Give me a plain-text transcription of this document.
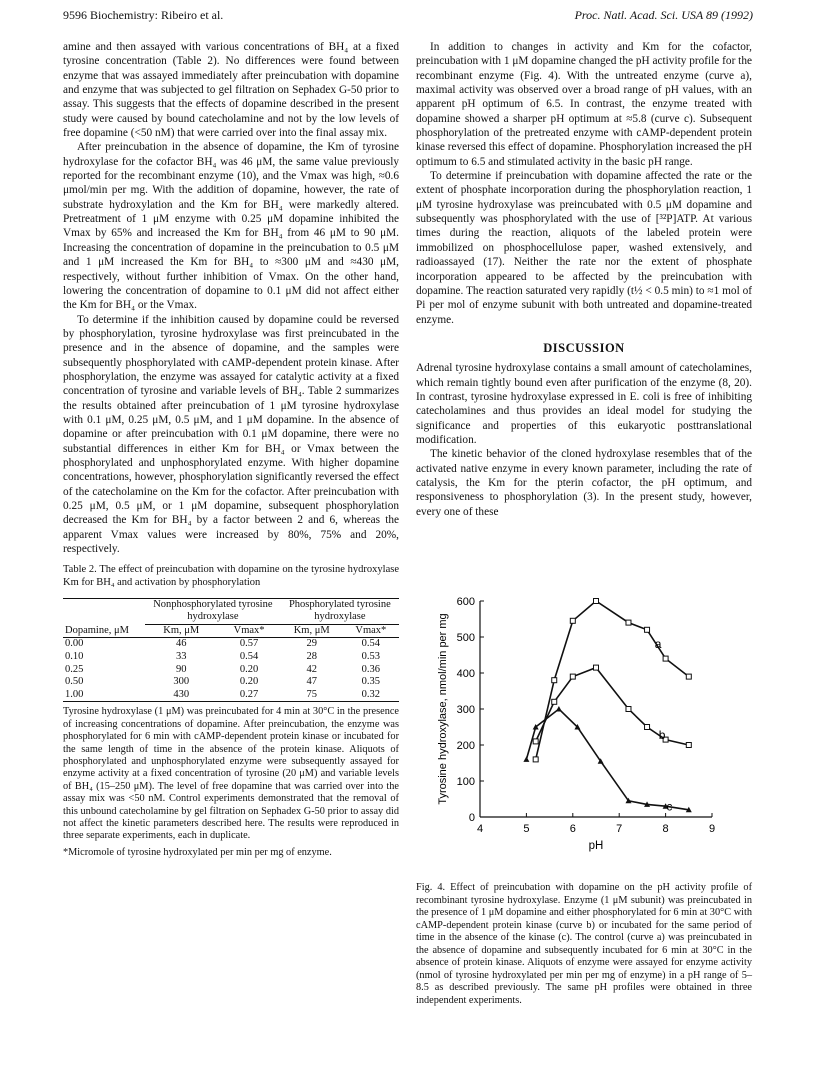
9596 Biochemistry: Ribeiro et al.	Proc. Natl. Acad. Sci. USA 89 (1992)

amine and then assayed with various concentrations of BH₄ at a fixed tyrosine concentration (Table 2). No differences were found between enzyme that was assayed immediately after preincubation with dopamine and enzyme that was subjected to gel filtration on Sephadex G-50 prior to assay. This suggests that the effects of dopamine described in the present study were caused by bound catecholamine and not by the low levels of free dopamine (<50 nM) that were carried over into the final assay mix.

After preincubation in the absence of dopamine, the Km of tyrosine hydroxylase for the cofactor BH₄ was 46 μM, the same value previously reported for the recombinant enzyme (10), and the Vmax was high, ≈0.6 μmol/min per mg. With the addition of dopamine, however, the rate of substrate hydroxylation and the Km for BH₄ were markedly altered. Pretreatment of 1 μM enzyme with 0.25 μM dopamine inhibited the Vmax by 65% and increased the Km for BH₄ from 46 μM to 90 μM. Increasing the concentration of dopamine in the preincubation to 0.5 μM and 1 μM increased the Km for BH₄ to ≈300 μM and ≈430 μM, respectively, without further inhibition of Vmax. On the other hand, lowering the concentration of dopamine to 0.1 μM did not affect either the Km for BH₄ or the Vmax.

To determine if the inhibition caused by dopamine could be reversed by phosphorylation, tyrosine hydroxylase was first preincubated in the presence and in the absence of dopamine, and the samples were subsequently phosphorylated with cAMP-dependent protein kinase. After phosphorylation, the enzyme was assayed for catalytic activity at a fixed concentration of tyrosine and variable levels of BH₄. Table 2 summarizes the results obtained after preincubation of 1 μM tyrosine hydroxylase with 0.1 μM, 0.25 μM, 0.5 μM, and 1 μM dopamine. In the absence of dopamine or after preincubation with 0.1 μM dopamine, there were no substantial differences in either Km for BH₄ or Vmax between the phosphorylated and unphosphorylated enzyme. With higher dopamine concentrations, however, phosphorylation significantly reversed the effect of the catecholamine on the Km for the cofactor. After preincubation with 0.25 μM, 0.5 μM, or 1 μM dopamine, subsequent phosphorylation decreased the Km for BH₄ by a factor between 2 and 6, whereas the apparent Vmax values were increased by 80%, 75% and 20%, respectively.

Table 2. The effect of preincubation with dopamine on the tyrosine hydroxylase Km for BH₄ and activation by phosphorylation
	Nonphosphorylated tyrosine hydroxylase		Phosphorylated tyrosine hydroxylase	
Dopamine, μM	Km, μM	Vmax*	Km, μM	Vmax*
0.00	46	0.57	29	0.54
0.10	33	0.54	28	0.53
0.25	90	0.20	42	0.36
0.50	300	0.20	47	0.35
1.00	430	0.27	75	0.32
Tyrosine hydroxylase (1 μM) was preincubated for 4 min at 30°C in the presence of increasing concentrations of dopamine. After preincubation, the enzyme was phosphorylated for 6 min with cAMP-dependent protein kinase or incubated for the same length of time in the absence of the protein kinase. Aliquots of phosphorylated and unphosphorylated enzyme were subsequently assayed for enzyme activity at a fixed concentration of tyrosine (20 μM) and variable levels of BH₄ (15–250 μM). The level of free dopamine that was carried over into the assay mix was <50 nM. Control experiments demonstrated that the removal of this unbound catecholamine by gel filtration on Sephadex G-50 prior to assay did not affect the kinetic parameters described here. The results were reproduced in three separate experiments, each in duplicate.
*Micromole of tyrosine hydroxylated per min per mg of enzyme.

In addition to changes in activity and Km for the cofactor, preincubation with 1 μM dopamine changed the pH activity profile for the recombinant enzyme (Fig. 4). With the untreated enzyme (curve a), maximal activity was observed over a broad range of pH values, with an apparent pH optimum of 6.5. In contrast, the enzyme treated with dopamine showed a sharper pH optimum at ≈5.8 (curve c). Subsequent phosphorylation of the pretreated enzyme with cAMP-dependent protein kinase reversed this effect of dopamine. Phosphorylation increased the pH optimum to 6.5 and stimulated activity in the basic pH range.

To determine if preincubation with dopamine affected the rate or the extent of phosphate incorporation during the phosphorylation reaction, 1 μM tyrosine hydroxylase was preincubated with 0.5 μM dopamine and subsequently was phosphorylated with the use of [³²P]ATP. At various times during the reaction, aliquots of the labeled protein were immobilized on phosphocellulose paper, washed extensively, and radioassayed (17). Neither the rate nor the extent of phosphate incorporation appeared to be affected by the preincubation with dopamine. The reaction saturated very rapidly (t½ < 0.5 min) to ≈1 mol of Pi per mol of enzyme subunit with both untreated and dopamine-treated enzyme.

DISCUSSION

Adrenal tyrosine hydroxylase contains a small amount of catecholamines, which remain tightly bound even after purification of the enzyme (8, 20). In contrast, tyrosine hydroxylase expressed in E. coli is free of inhibiting catecholamines and thus provides an ideal model for studying the significance and properties of this eukaryotic posttranslational modification.

The kinetic behavior of the cloned hydroxylase resembles that of the activated native enzyme in every known parameter, including the rate of catalysis, the Km for the pterin cofactor, the pH optimum, and responsiveness to phosphorylation (3). In the present study, however, every one of these

4	5	6	7	8	9
0
100
200
300
400
500
600
pH
Tyrosine hydroxylase, nmol/min per mg	a
b
c
Fig. 4. Effect of preincubation with dopamine on the pH activity profile of recombinant tyrosine hydroxylase. Enzyme (1 μM subunit) was preincubated in the presence of 1 μM dopamine and either phosphorylated for 6 min at 30°C with cAMP-dependent protein kinase (curve b) or incubated for the same period of time in the absence of the kinase (c). The control (curve a) was preincubated in the absence of dopamine and subsequently incubated for 6 min at 30°C in the absence of protein kinase. Aliquots of enzyme were assayed for enzyme activity (nmol of tyrosine hydroxylated per min per mg of enzyme) in a pH range of 5–8.5 as described previously. The same pH profiles were obtained in three independent experiments.
